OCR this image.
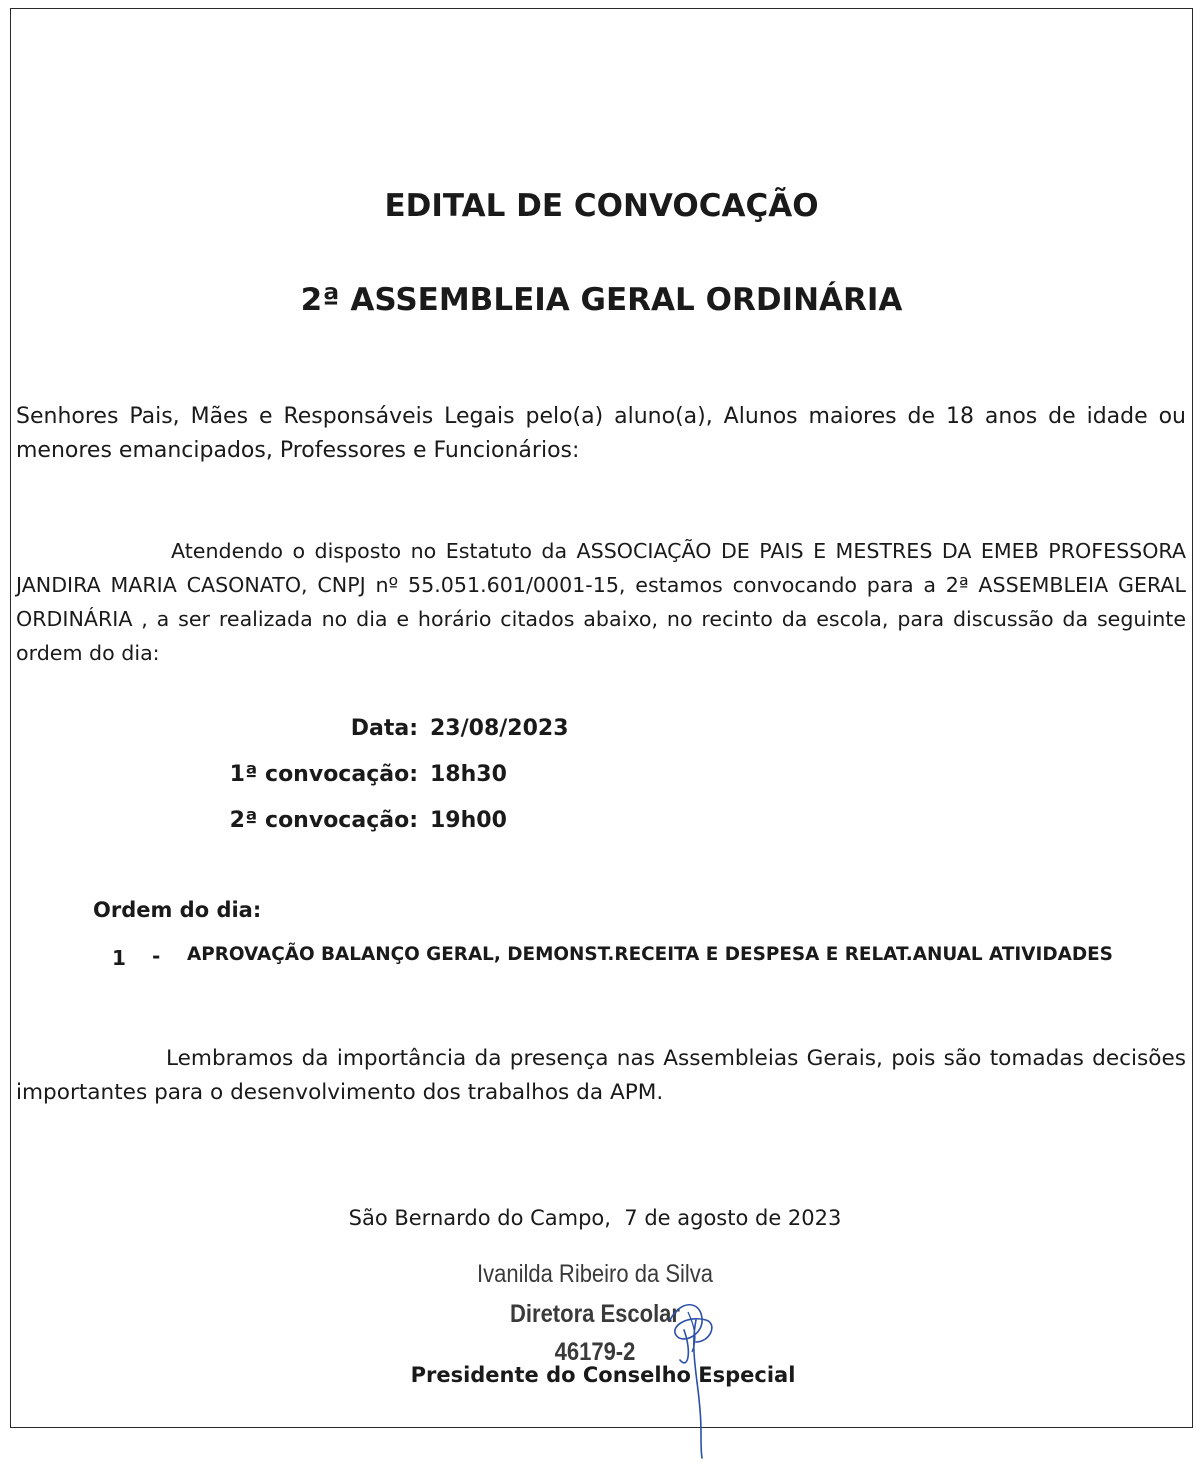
EDITAL DE CONVOCAÇÃO
2ª ASSEMBLEIA GERAL ORDINÁRIA
Senhores Pais, Mães e Responsáveis Legais pelo(a) aluno(a), Alunos maiores de 18 anos de idade ou menores emancipados, Professores e Funcionários:
Atendendo o disposto no Estatuto da ASSOCIAÇÃO DE PAIS E MESTRES DA EMEB PROFESSORA JANDIRA MARIA CASONATO, CNPJ nº 55.051.601/0001-15, estamos convocando para a 2ª ASSEMBLEIA GERAL ORDINÁRIA , a ser realizada no dia e horário citados abaixo, no recinto da escola, para discussão da seguinte ordem do dia:
Data: 23/08/2023
1ª convocação: 18h30
2ª convocação: 19h00
Ordem do dia:
1 - APROVAÇÃO BALANÇO GERAL, DEMONST.RECEITA E DESPESA E RELAT.ANUAL ATIVIDADES
Lembramos da importância da presença nas Assembleias Gerais, pois são tomadas decisões importantes para o desenvolvimento dos trabalhos da APM.
São Bernardo do Campo,  7 de agosto de 2023
Ivanilda Ribeiro da Silva
Diretora Escolar
46179-2
Presidente do Conselho Especial
